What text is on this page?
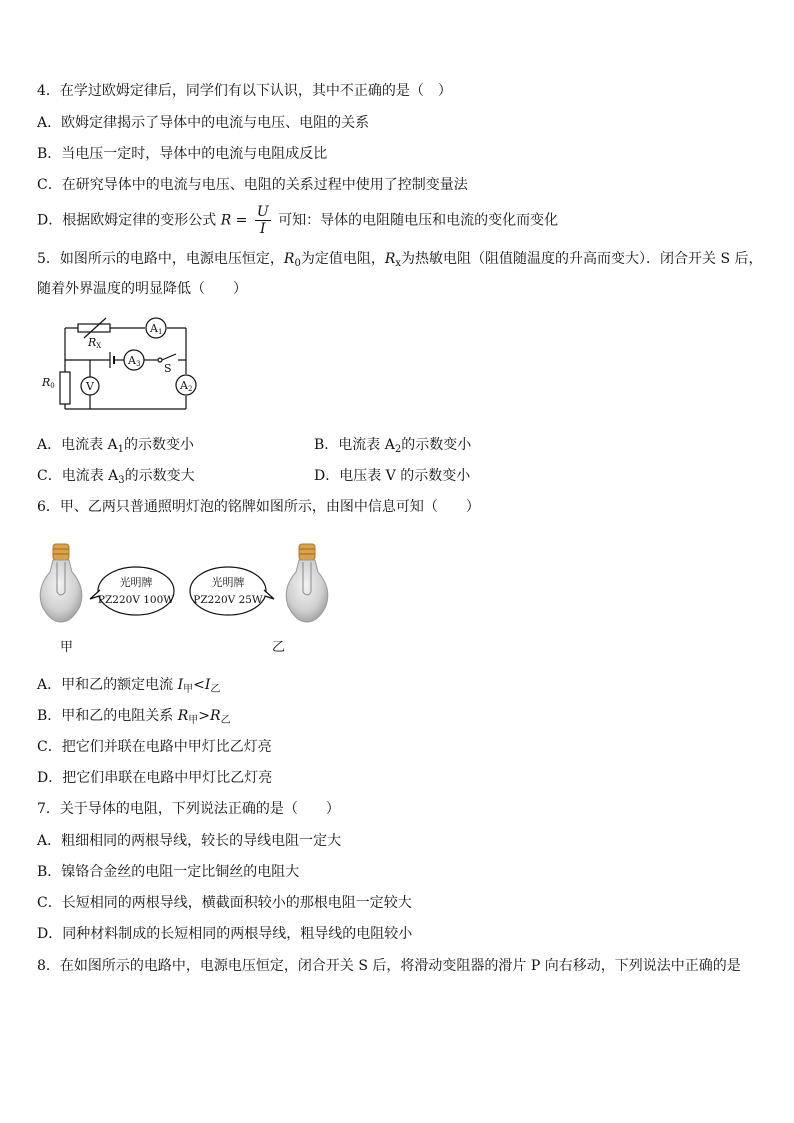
4．在学过欧姆定律后，同学们有以下认识，其中不正确的是（　）
A．欧姆定律揭示了导体中的电流与电压、电阻的关系
B．当电压一定时，导体中的电流与电阻成反比
C．在研究导体中的电流与电压、电阻的关系过程中使用了控制变量法
D．根据欧姆定律的变形公式 $R = \frac{U}{I}$ 可知：导体的电阻随电压和电流的变化而变化
5．如图所示的电路中，电源电压恒定，$R_0$为定值电阻，$R_x$为热敏电阻（阻值随温度的升高而变大）．闭合开关 S 后，
随着外界温度的明显降低（　　）
A1
A3
A2
V
S
RX
R0
A．电流表 $A_1$的示数变小	B．电流表 $A_2$的示数变小
C．电流表 $A_3$的示数变大	D．电压表 V 的示数变小
6．甲、乙两只普通照明灯泡的铭牌如图所示，由图中信息可知（　　）
光明牌
PZ220V 100W
甲
光明牌
PZ220V 25W
乙
A．甲和乙的额定电流 $I_甲<I_乙$
B．甲和乙的电阻关系 $R_甲>R_乙$
C．把它们并联在电路中甲灯比乙灯亮
D．把它们串联在电路中甲灯比乙灯亮
7．关于导体的电阻，下列说法正确的是（　　）
A．粗细相同的两根导线，较长的导线电阻一定大
B．镍铬合金丝的电阻一定比铜丝的电阻大
C．长短相同的两根导线，横截面积较小的那根电阻一定较大
D．同种材料制成的长短相同的两根导线，粗导线的电阻较小
8．在如图所示的电路中，电源电压恒定，闭合开关 S 后，将滑动变阻器的滑片 P 向右移动，下列说法中正确的是
